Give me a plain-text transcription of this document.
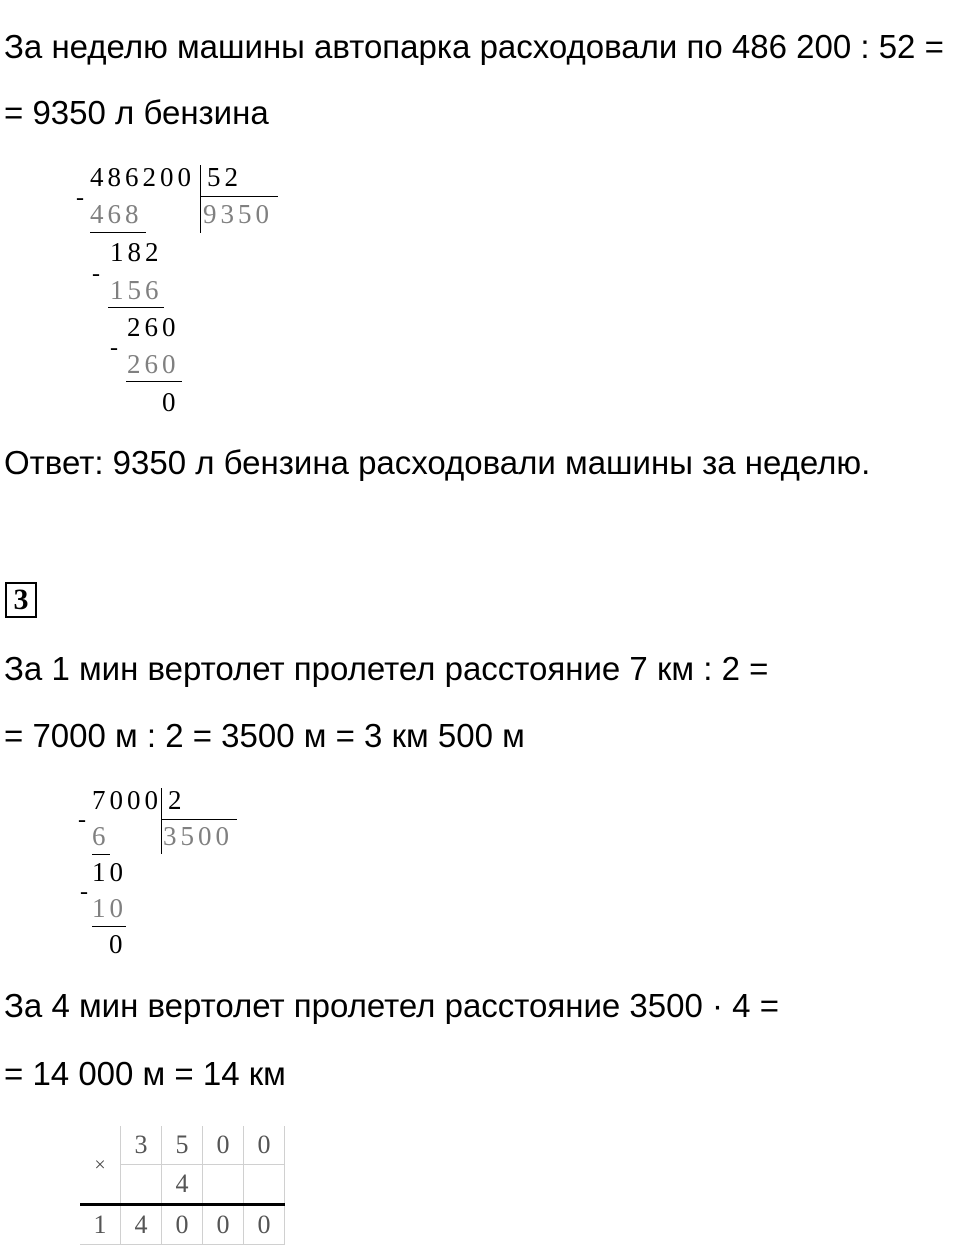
За неделю машины автопарка расходовали по 486 200 : 52 =
= 9350 л бензина
-
486200 52
9350
468
182
-
156
260
-
260
0
Ответ: 9350 л бензина расходовали машины за неделю.
3
За 1 мин вертолет пролетел расстояние 7 км : 2 =
= 7000 м : 2 = 3500 м = 3 км 500 м
-
7000 2
3500
6
10
-
10
0
За 4 мин вертолет пролетел расстояние 3500 · 4 =
= 14 000 м = 14 км
×	3	5	0	0
		4		
1	4	0	0	0
